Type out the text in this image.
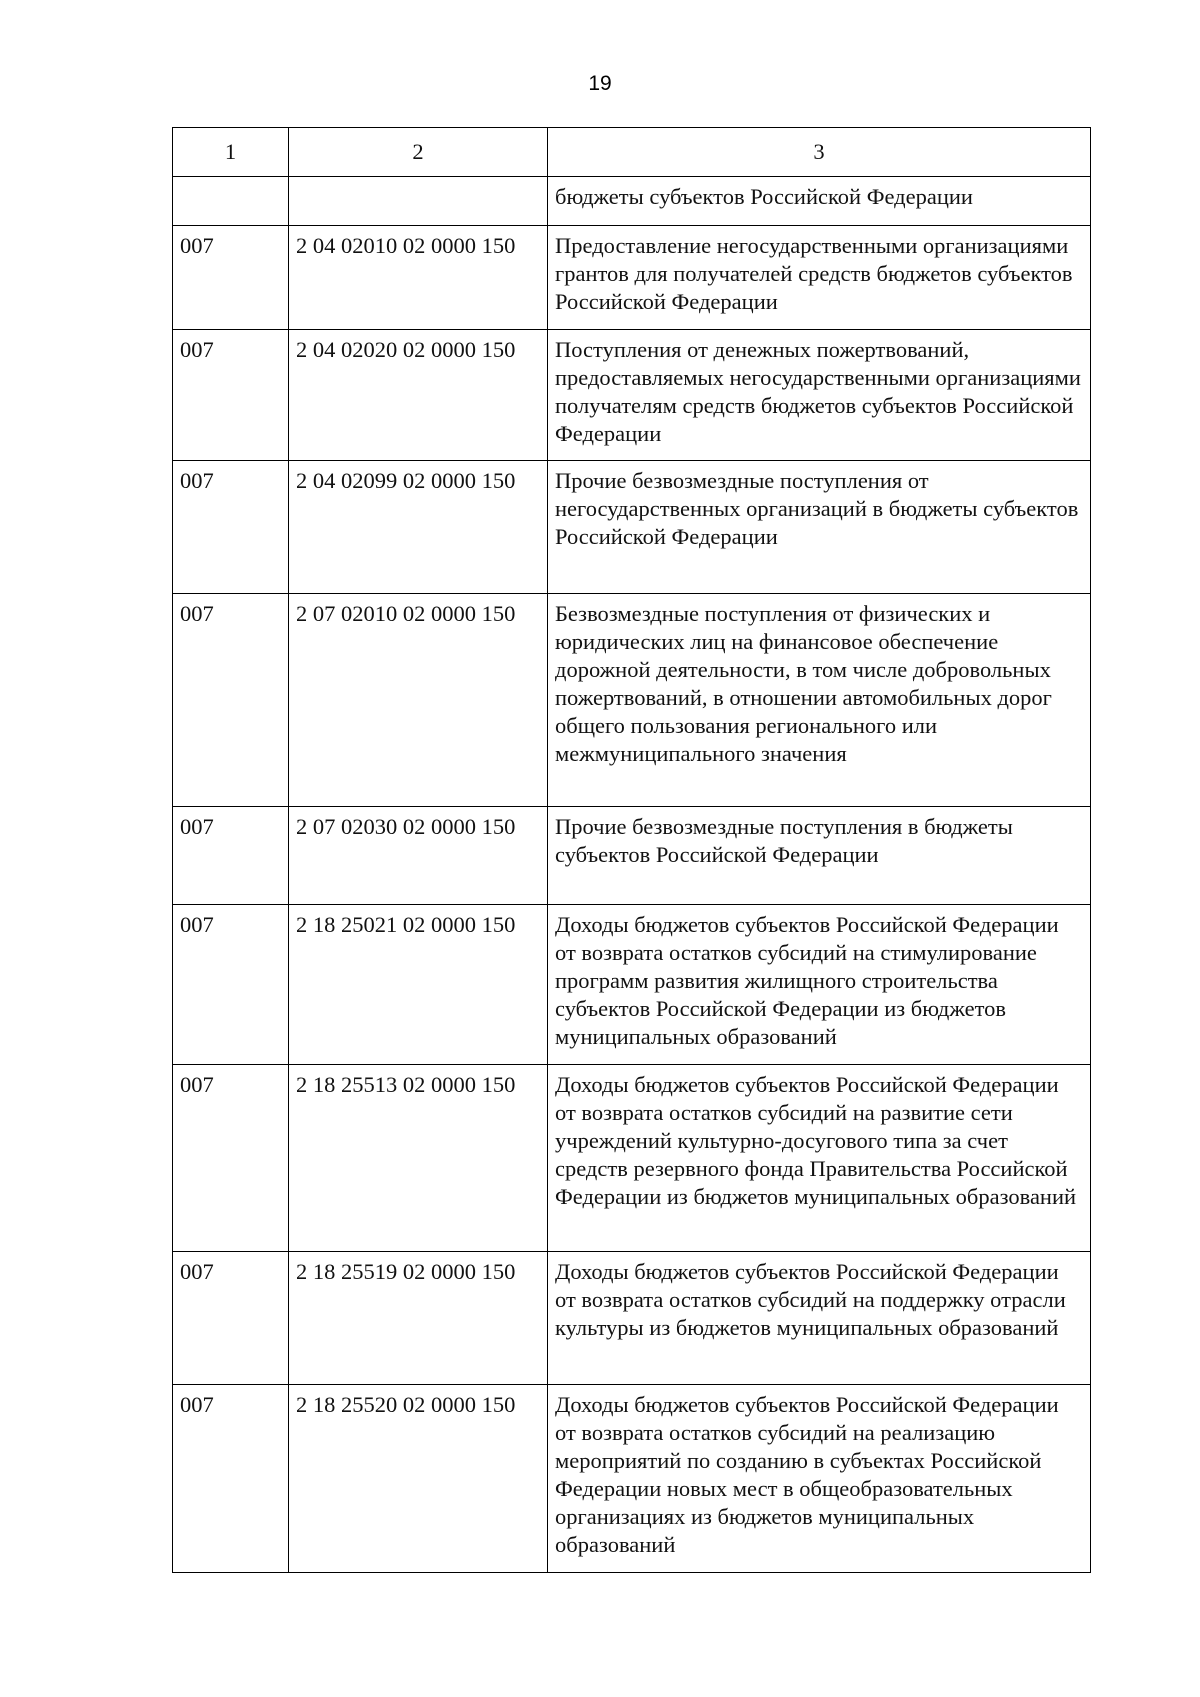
19
1	2	3
		бюджеты субъектов Российской Федерации
007	2 04 02010 02 0000 150	Предоставление негосударственными организациями грантов для получателей средств бюджетов субъектов Российской Федерации
007	2 04 02020 02 0000 150	Поступления от денежных пожертвований, предоставляемых негосударственными организациями получателям средств бюджетов субъектов Российской Федерации
007	2 04 02099 02 0000 150	Прочие безвозмездные поступления от негосударственных организаций в бюджеты субъектов Российской Федерации
007	2 07 02010 02 0000 150	Безвозмездные поступления от физических и юридических лиц на финансовое обеспечение дорожной деятельности, в том числе добровольных пожертвований, в отношении автомобильных дорог общего пользования регионального или межмуниципального значения
007	2 07 02030 02 0000 150	Прочие безвозмездные поступления в бюджеты субъектов Российской Федерации
007	2 18 25021 02 0000 150	Доходы бюджетов субъектов Российской Федерации от возврата остатков субсидий на стимулирование программ развития жилищного строительства субъектов Российской Федерации из бюджетов муниципальных образований
007	2 18 25513 02 0000 150	Доходы бюджетов субъектов Российской Федерации от возврата остатков субсидий на развитие сети учреждений культурно-досугового типа за счет средств резервного фонда Правительства Российской Федерации из бюджетов муниципальных образований
007	2 18 25519 02 0000 150	Доходы бюджетов субъектов Российской Федерации от возврата остатков субсидий на поддержку отрасли культуры из бюджетов муниципальных образований
007	2 18 25520 02 0000 150	Доходы бюджетов субъектов Российской Федерации от возврата остатков субсидий на реализацию мероприятий по созданию в субъектах Российской Федерации новых мест в общеобразовательных организациях из бюджетов муниципальных образований
